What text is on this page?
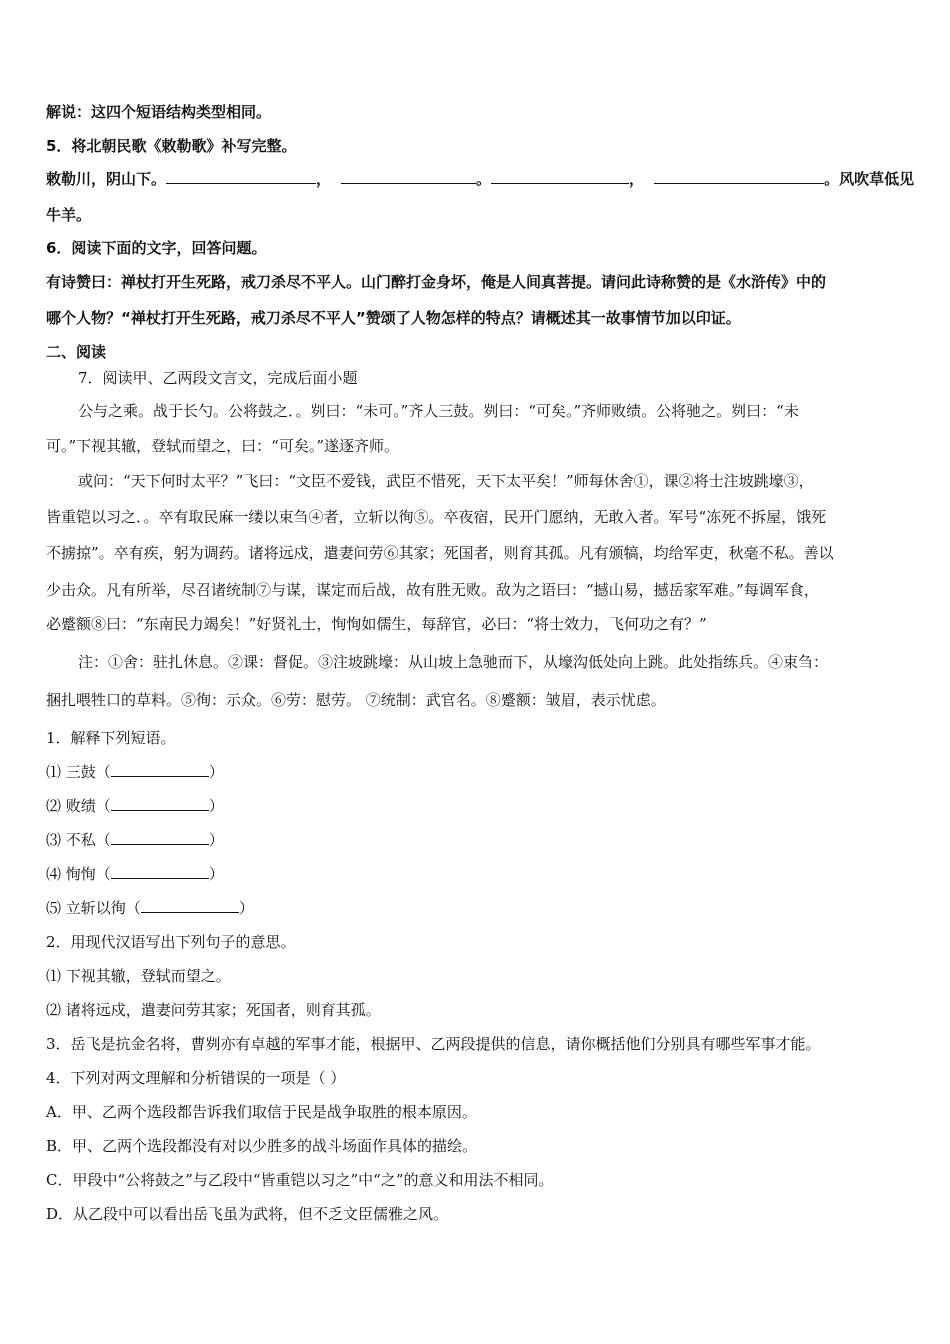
解说：这四个短语结构类型相同。
5．将北朝民歌《敕勒歌》补写完整。
敕勒川，阴山下。	，	。	，	。风吹草低见
牛羊。
6．阅读下面的文字，回答问题。
有诗赞曰：禅杖打开生死路，戒刀杀尽不平人。山门醉打金身坏，俺是人间真菩提。请问此诗称赞的是《水浒传》中的
哪个人物？“禅杖打开生死路，戒刀杀尽不平人”赞颂了人物怎样的特点？请概述其一故事情节加以印证。
二、阅读
7．阅读甲、乙两段文言文，完成后面小题
公与之乘。战于长勺。公将鼓之．。刿曰：“未可。”齐人三鼓。刿曰：“可矣。”齐师败绩。公将驰之。刿曰：“未
可。”下视其辙，登轼而望之，曰：“可矣。”遂逐齐师。
或问：“天下何时太平？”飞曰：“文臣不爱钱，武臣不惜死，天下太平矣！”师每休舍①，课②将士注坡跳壕③，
皆重铠以习之．。卒有取民麻一缕以束刍④者，立斩以徇⑤。卒夜宿，民开门愿纳，无敢入者。军号“冻死不拆屋，饿死
不掳掠”。卒有疾，躬为调药。诸将远戍，遣妻问劳⑥其家；死国者，则育其孤。凡有颁犒，均给军吏，秋毫不私。善以
少击众。凡有所举，尽召诸统制⑦与谋，谋定而后战，故有胜无败。敌为之语曰：“撼山易，撼岳家军难。”每调军食，
必蹙额⑧曰：“东南民力竭矣！”好贤礼士，恂恂如儒生，每辞官，必曰：“将士效力，飞何功之有？”
注：①舍：驻扎休息。②课：督促。③注坡跳壕：从山坡上急驰而下，从壕沟低处向上跳。此处指练兵。④束刍：
捆扎喂牲口的草料。⑤徇：示众。⑥劳：慰劳。 ⑦统制：武官名。⑧蹙额：皱眉，表示忧虑。
1．解释下列短语。
⑴ 三鼓（	）
⑵ 败绩（	）
⑶ 不私（	）
⑷ 恂恂（	）
⑸ 立斩以徇（	）
2．用现代汉语写出下列句子的意思。
⑴ 下视其辙，登轼而望之。
⑵ 诸将远戍，遣妻问劳其家；死国者，则育其孤。
3．岳飞是抗金名将，曹刿亦有卓越的军事才能，根据甲、乙两段提供的信息，请你概括他们分别具有哪些军事才能。
4．下列对两文理解和分析错误的一项是（ ）
A．甲、乙两个选段都告诉我们取信于民是战争取胜的根本原因。
B．甲、乙两个选段都没有对以少胜多的战斗场面作具体的描绘。
C．甲段中“公将鼓之”与乙段中“皆重铠以习之”中“之”的意义和用法不相同。
D．从乙段中可以看出岳飞虽为武将，但不乏文臣儒雅之风。
